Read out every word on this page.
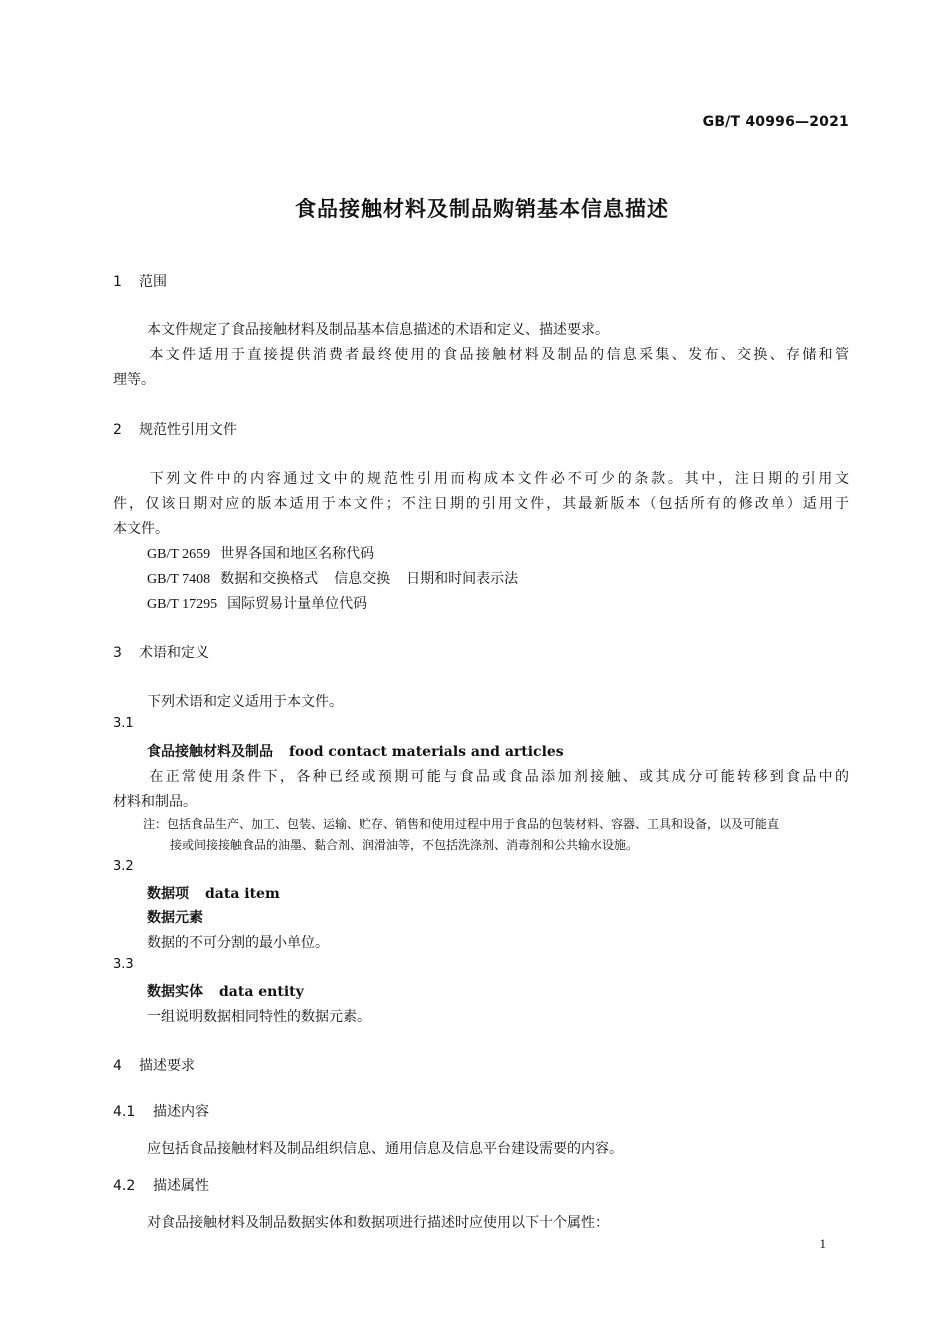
GB/T 40996—2021
食品接触材料及制品购销基本信息描述
1 范围
本文件规定了食品接触材料及制品基本信息描述的术语和定义、描述要求。
本文件适用于直接提供消费者最终使用的食品接触材料及制品的信息采集、发布、交换、存储和管
理等。
2 规范性引用文件
下列文件中的内容通过文中的规范性引用而构成本文件必不可少的条款。其中，注日期的引用文
件，仅该日期对应的版本适用于本文件；不注日期的引用文件，其最新版本（包括所有的修改单）适用于
本文件。
GB/T 2659 世界各国和地区名称代码
GB/T 7408 数据和交换格式 信息交换 日期和时间表示法
GB/T 17295 国际贸易计量单位代码
3 术语和定义
下列术语和定义适用于本文件。
3.1
食品接触材料及制品 food contact materials and articles
在正常使用条件下，各种已经或预期可能与食品或食品添加剂接触、或其成分可能转移到食品中的
材料和制品。
注：包括食品生产、加工、包装、运输、贮存、销售和使用过程中用于食品的包装材料、容器、工具和设备，以及可能直
接或间接接触食品的油墨、黏合剂、润滑油等，不包括洗涤剂、消毒剂和公共输水设施。
3.2
数据项 data item
数据元素
数据的不可分割的最小单位。
3.3
数据实体 data entity
一组说明数据相同特性的数据元素。
4 描述要求
4.1 描述内容
应包括食品接触材料及制品组织信息、通用信息及信息平台建设需要的内容。
4.2 描述属性
对食品接触材料及制品数据实体和数据项进行描述时应使用以下十个属性：
1
